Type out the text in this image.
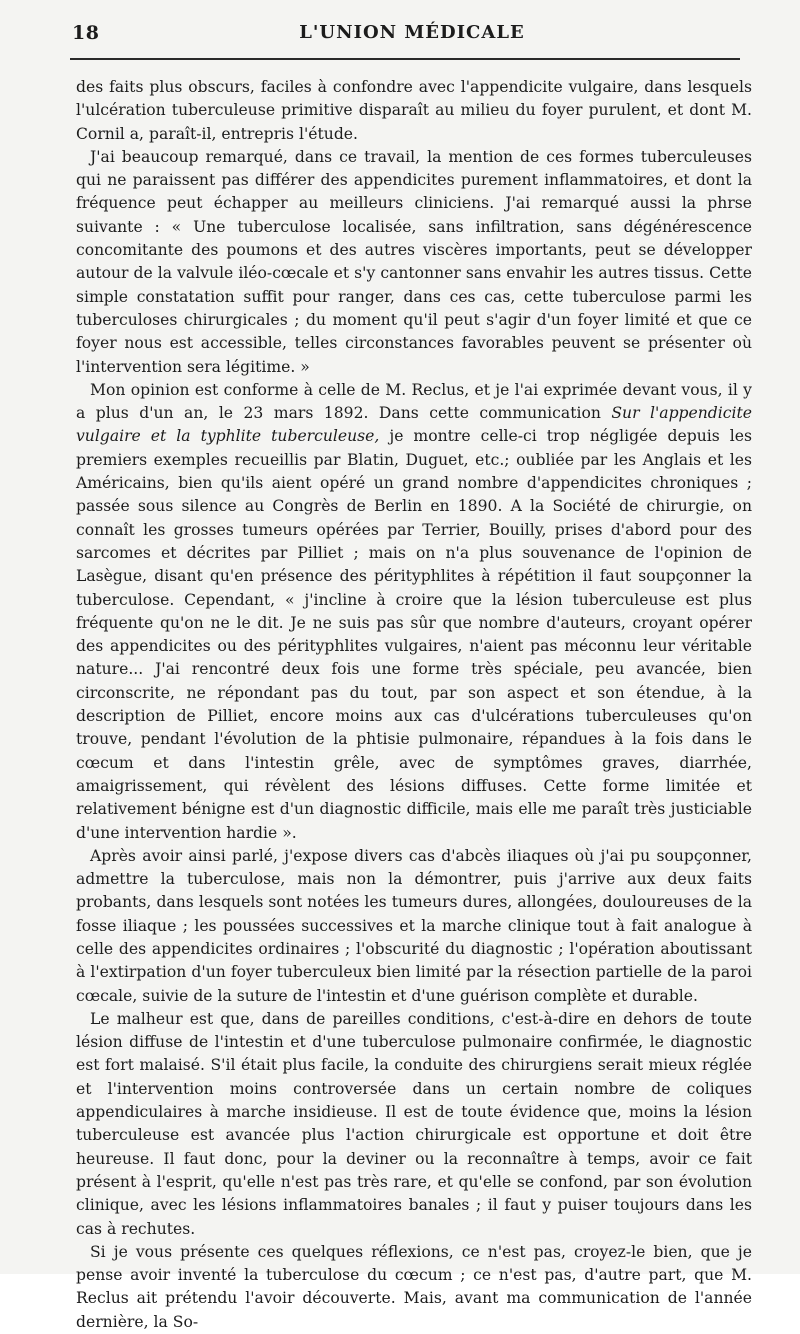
18	L'UNION MÉDICALE

des faits plus obscurs, faciles à confondre avec l'appendicite vulgaire, dans lesquels l'ulcération tuberculeuse primitive disparaît au milieu du foyer purulent, et dont M. Cornil a, paraît-il, entrepris l'étude.

J'ai beaucoup remarqué, dans ce travail, la mention de ces formes tuberculeuses qui ne paraissent pas différer des appendicites purement inflammatoires, et dont la fréquence peut échapper au meilleurs cliniciens. J'ai remarqué aussi la phrse suivante : « Une tuberculose localisée, sans infiltration, sans dégénérescence concomitante des poumons et des autres viscères importants, peut se développer autour de la valvule iléo-cœcale et s'y cantonner sans envahir les autres tissus. Cette simple constatation suffit pour ranger, dans ces cas, cette tuberculose parmi les tuberculoses chirurgicales ; du moment qu'il peut s'agir d'un foyer limité et que ce foyer nous est accessible, telles circonstances favorables peuvent se présenter où l'intervention sera légitime. »

Mon opinion est conforme à celle de M. Reclus, et je l'ai exprimée devant vous, il y a plus d'un an, le 23 mars 1892. Dans cette communication Sur l'appendicite vulgaire et la typhlite tuberculeuse, je montre celle-ci trop négligée depuis les premiers exemples recueillis par Blatin, Duguet, etc.; oubliée par les Anglais et les Américains, bien qu'ils aient opéré un grand nombre d'appendicites chroniques ; passée sous silence au Congrès de Berlin en 1890. A la Société de chirurgie, on connaît les grosses tumeurs opérées par Terrier, Bouilly, prises d'abord pour des sarcomes et décrites par Pilliet ; mais on n'a plus souvenance de l'opinion de Lasègue, disant qu'en présence des pérityphlites à répétition il faut soupçonner la tuberculose. Cependant, « j'incline à croire que la lésion tuberculeuse est plus fréquente qu'on ne le dit. Je ne suis pas sûr que nombre d'auteurs, croyant opérer des appendicites ou des pérityphlites vulgaires, n'aient pas méconnu leur véritable nature... J'ai rencontré deux fois une forme très spéciale, peu avancée, bien circonscrite, ne répondant pas du tout, par son aspect et son étendue, à la description de Pilliet, encore moins aux cas d'ulcérations tuberculeuses qu'on trouve, pendant l'évolution de la phtisie pulmonaire, répandues à la fois dans le cœcum et dans l'intestin grêle, avec de symptômes graves, diarrhée, amaigrissement, qui révèlent des lésions diffuses. Cette forme limitée et relativement bénigne est d'un diagnostic difficile, mais elle me paraît très justiciable d'une intervention hardie ».

Après avoir ainsi parlé, j'expose divers cas d'abcès iliaques où j'ai pu soupçonner, admettre la tuberculose, mais non la démontrer, puis j'arrive aux deux faits probants, dans lesquels sont notées les tumeurs dures, allongées, douloureuses de la fosse iliaque ; les poussées successives et la marche clinique tout à fait analogue à celle des appendicites ordinaires ; l'obscurité du diagnostic ; l'opération aboutissant à l'extirpation d'un foyer tuberculeux bien limité par la résection partielle de la paroi cœcale, suivie de la suture de l'intestin et d'une guérison complète et durable.

Le malheur est que, dans de pareilles conditions, c'est-à-dire en dehors de toute lésion diffuse de l'intestin et d'une tuberculose pulmonaire confirmée, le diagnostic est fort malaisé. S'il était plus facile, la conduite des chirurgiens serait mieux réglée et l'intervention moins controversée dans un certain nombre de coliques appendiculaires à marche insidieuse. Il est de toute évidence que, moins la lésion tuberculeuse est avancée plus l'action chirurgicale est opportune et doit être heureuse. Il faut donc, pour la deviner ou la reconnaître à temps, avoir ce fait présent à l'esprit, qu'elle n'est pas très rare, et qu'elle se confond, par son évolution clinique, avec les lésions inflammatoires banales ; il faut y puiser toujours dans les cas à rechutes.

Si je vous présente ces quelques réflexions, ce n'est pas, croyez-le bien, que je pense avoir inventé la tuberculose du cœcum ; ce n'est pas, d'autre part, que M. Reclus ait prétendu l'avoir découverte. Mais, avant ma communication de l'année dernière, la So-
